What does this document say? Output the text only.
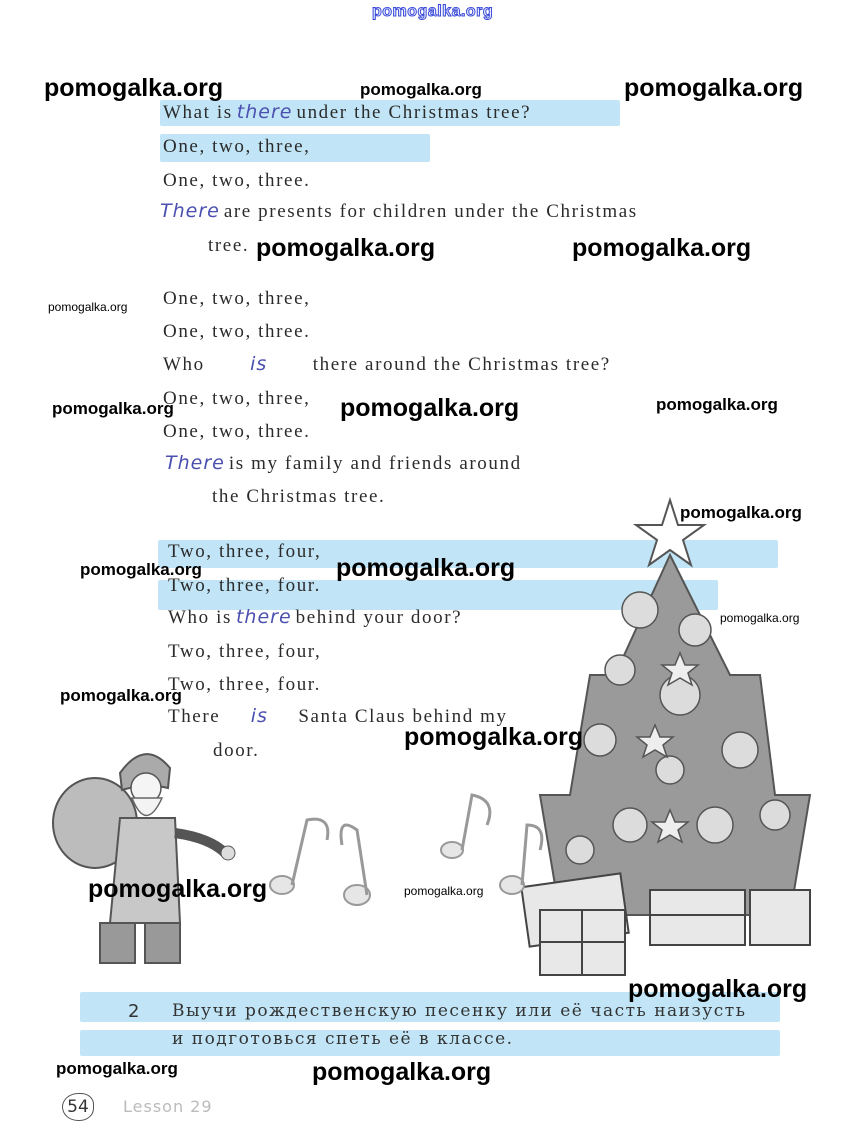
What is there under the Christmas tree?
One, two, three,
One, two, three.
There are presents for children under the Christmas
tree.
One, two, three,
One, two, three.
Who is there around the Christmas tree?
One, two, three,
One, two, three.
There is my family and friends around
the Christmas tree.
Two, three, four,
Two, three, four.
Who is there behind your door?
Two, three, four,
Two, three, four.
There is Santa Claus behind my
door.
2 Выучи рождественскую песенку или её часть наизусть
и подготовься спеть её в классе.
54	Lesson 29
pomogalka.org
pomogalka.org	pomogalka.org	pomogalka.org
pomogalka.org	pomogalka.org
pomogalka.org
pomogalka.org	pomogalka.org	pomogalka.org
pomogalka.org
pomogalka.org	pomogalka.org
pomogalka.org
pomogalka.org
pomogalka.org
pomogalka.org	pomogalka.org
pomogalka.org
pomogalka.org	pomogalka.org
